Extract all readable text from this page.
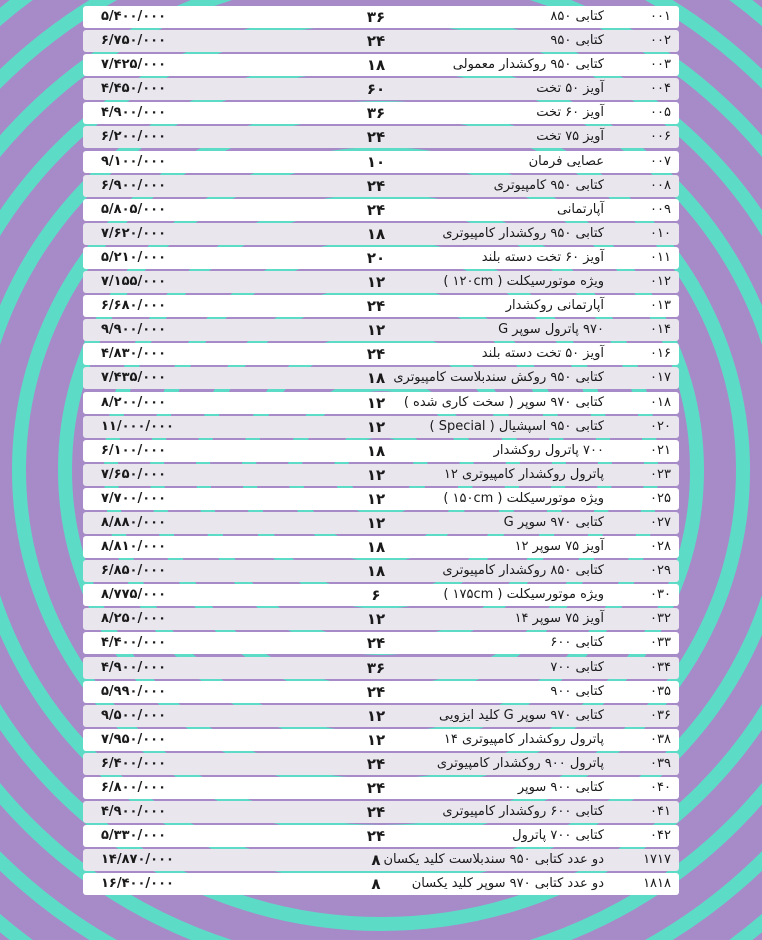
۰۰۱
کتابی ۸۵۰
۳۶
۵/۴۰۰/۰۰۰
۰۰۲
کتابی ۹۵۰
۲۴
۶/۷۵۰/۰۰۰
۰۰۳
کتابی ۹۵۰ روکشدار معمولی
۱۸
۷/۴۲۵/۰۰۰
۰۰۴
آویز ۵۰ تخت
۶۰
۴/۴۵۰/۰۰۰
۰۰۵
آویز ۶۰ تخت
۳۶
۴/۹۰۰/۰۰۰
۰۰۶
آویز ۷۵ تخت
۲۴
۶/۲۰۰/۰۰۰
۰۰۷
عصایی فرمان
۱۰
۹/۱۰۰/۰۰۰
۰۰۸
کتابی ۹۵۰ کامپیوتری
۲۴
۶/۹۰۰/۰۰۰
۰۰۹
آپارتمانی
۲۴
۵/۸۰۵/۰۰۰
۰۱۰
کتابی ۹۵۰ روکشدار کامپیوتری
۱۸
۷/۶۲۰/۰۰۰
۰۱۱
آویز ۶۰ تخت دسته بلند
۲۰
۵/۲۱۰/۰۰۰
۰۱۲
ویژه موتورسیکلت ( ۱۲۰cm )
۱۲
۷/۱۵۵/۰۰۰
۰۱۳
آپارتمانی روکشدار
۲۴
۶/۶۸۰/۰۰۰
۰۱۴
۹۷۰ پاترول سوپر G
۱۲
۹/۹۰۰/۰۰۰
۰۱۶
آویز ۵۰ تخت دسته بلند
۲۴
۴/۸۳۰/۰۰۰
۰۱۷
کتابی ۹۵۰ روکش سندبلاست کامپیوتری
۱۸
۷/۴۳۵/۰۰۰
۰۱۸
کتابی ۹۷۰ سوپر ( سخت کاری شده )
۱۲
۸/۲۰۰/۰۰۰
۰۲۰
کتابی ۹۵۰ اسپشیال ( Special )
۱۲
۱۱/۰۰۰/۰۰۰
۰۲۱
۷۰۰ پاترول روکشدار
۱۸
۶/۱۰۰/۰۰۰
۰۲۳
پاترول روکشدار کامپیوتری ۱۲
۱۲
۷/۶۵۰/۰۰۰
۰۲۵
ویژه موتورسیکلت ( ۱۵۰cm )
۱۲
۷/۷۰۰/۰۰۰
۰۲۷
کتابی ۹۷۰ سوپر G
۱۲
۸/۸۸۰/۰۰۰
۰۲۸
آویز ۷۵ سوپر ۱۲
۱۸
۸/۸۱۰/۰۰۰
۰۲۹
کتابی ۸۵۰ روکشدار کامپیوتری
۱۸
۶/۸۵۰/۰۰۰
۰۳۰
ویژه موتورسیکلت ( ۱۷۵cm )
۶
۸/۷۷۵/۰۰۰
۰۳۲
آویز ۷۵ سوپر ۱۴
۱۲
۸/۲۵۰/۰۰۰
۰۳۳
کتابی ۶۰۰
۲۴
۴/۴۰۰/۰۰۰
۰۳۴
کتابی ۷۰۰
۳۶
۴/۹۰۰/۰۰۰
۰۳۵
کتابی ۹۰۰
۲۴
۵/۹۹۰/۰۰۰
۰۳۶
کتابی ۹۷۰ سوپر G کلید ایزویی
۱۲
۹/۵۰۰/۰۰۰
۰۳۸
پاترول روکشدار کامپیوتری ۱۴
۱۲
۷/۹۵۰/۰۰۰
۰۳۹
پاترول ۹۰۰ روکشدار کامپیوتری
۲۴
۶/۴۰۰/۰۰۰
۰۴۰
کتابی ۹۰۰ سوپر
۲۴
۶/۸۰۰/۰۰۰
۰۴۱
کتابی ۶۰۰ روکشدار کامپیوتری
۲۴
۴/۹۰۰/۰۰۰
۰۴۲
کتابی ۷۰۰ پاترول
۲۴
۵/۳۳۰/۰۰۰
۱۷۱۷
دو عدد کتابی ۹۵۰ سندبلاست کلید یکسان
۸
۱۴/۸۷۰/۰۰۰
۱۸۱۸
دو عدد کتابی ۹۷۰ سوپر کلید یکسان
۸
۱۶/۴۰۰/۰۰۰
